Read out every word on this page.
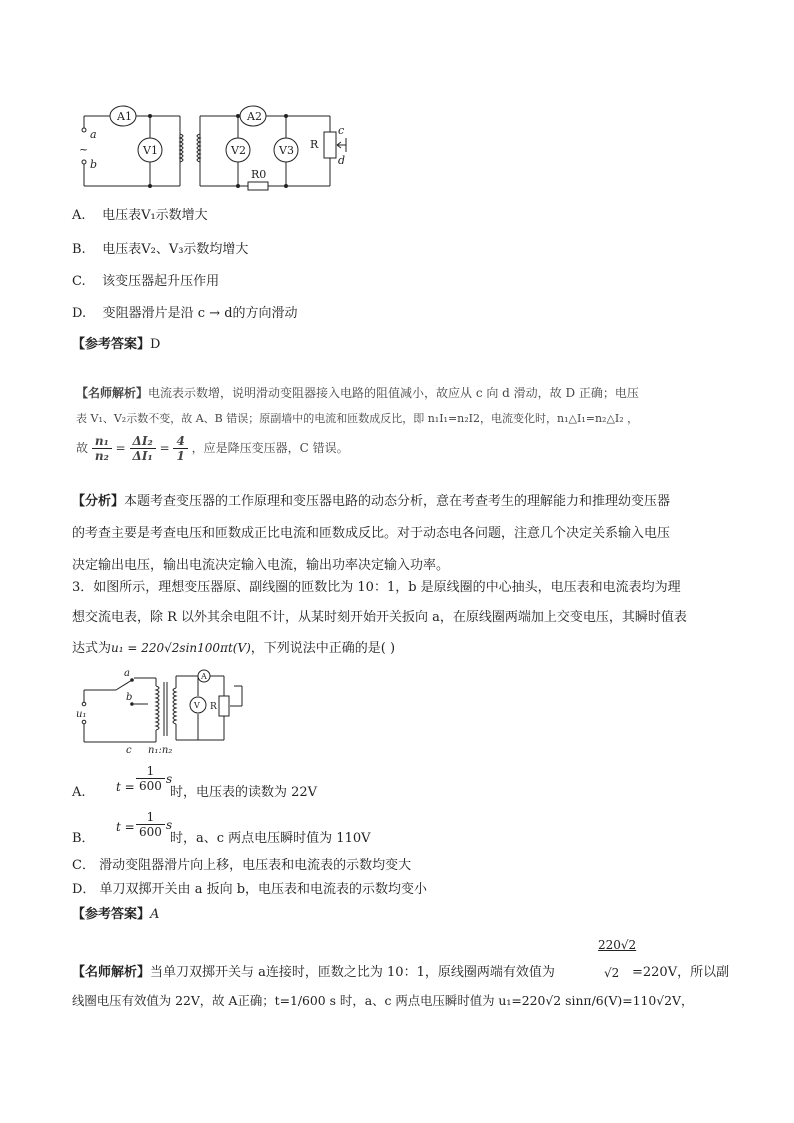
A1
V1
A2
V2	V3 R
R0
a
~
b
c
d
A. 电压表V₁示数增大
B. 电压表V₂、V₃示数均增大
C. 该变压器起升压作用
D. 变阻器滑片是沿 c → d的方向滑动
【参考答案】D
【名师解析】电流表示数增，说明滑动变阻器接入电路的阻值减小，故应从 c 向 d 滑动，故 D 正确；电压
表 V₁、V₂示数不变，故 A、B 错误；原副墙中的电流和匝数成反比，即 n₁I₁=n₂I2，电流变化时，n₁△I₁=n₂△I₂ ，
故 $\frac{\text{n₁}}{\text{n₂}} = \frac{\text{ΔI₂}}{\text{ΔI₁}} = \frac{4}{1}$ ，应是降压变压器，C 错误。
【分析】本题考查变压器的工作原理和变压器电路的动态分析，意在考查考生的理解能力和推理幼变压器
的考查主要是考查电压和匝数成正比电流和匝数成反比。对于动态电各问题，注意几个决定关系输入电压
决定输出电压，输出电流决定输入电流，输出功率决定输入功率。
3．如图所示，理想变压器原、副线圈的匝数比为 10：1，b 是原线圈的中心抽头，电压表和电流表均为理
想交流电表，除 R 以外其余电阻不计，从某时刻开始开关扳向 a，在原线圈两端加上交变电压，其瞬时值表
达式为u₁ = 220√2sin100πt(V)，下列说法中正确的是( )
a
b
c
u₁
n₁:n₂
A
V R
A.	$t = \frac{1}{600}$ s
时，电压表的读数为 22V
B．
$t = \frac{1}{600}$ s
时，a、c 两点电压瞬时值为 110V
C． 滑动变阻器滑片向上移，电压表和电流表的示数均变大
D． 单刀双掷开关由 a 扳向 b，电压表和电流表的示数均变小
【参考答案】A
220√2
【名师解析】当单刀双掷开关与 a连接时，匝数之比为 10：1，原线圈两端有效值为	√2 =220V，所以副
线圈电压有效值为 22V，故 A正确；t=1/600 s 时，a、c 两点电压瞬时值为 u₁=220√2 sinπ/6(V)=110√2V，
